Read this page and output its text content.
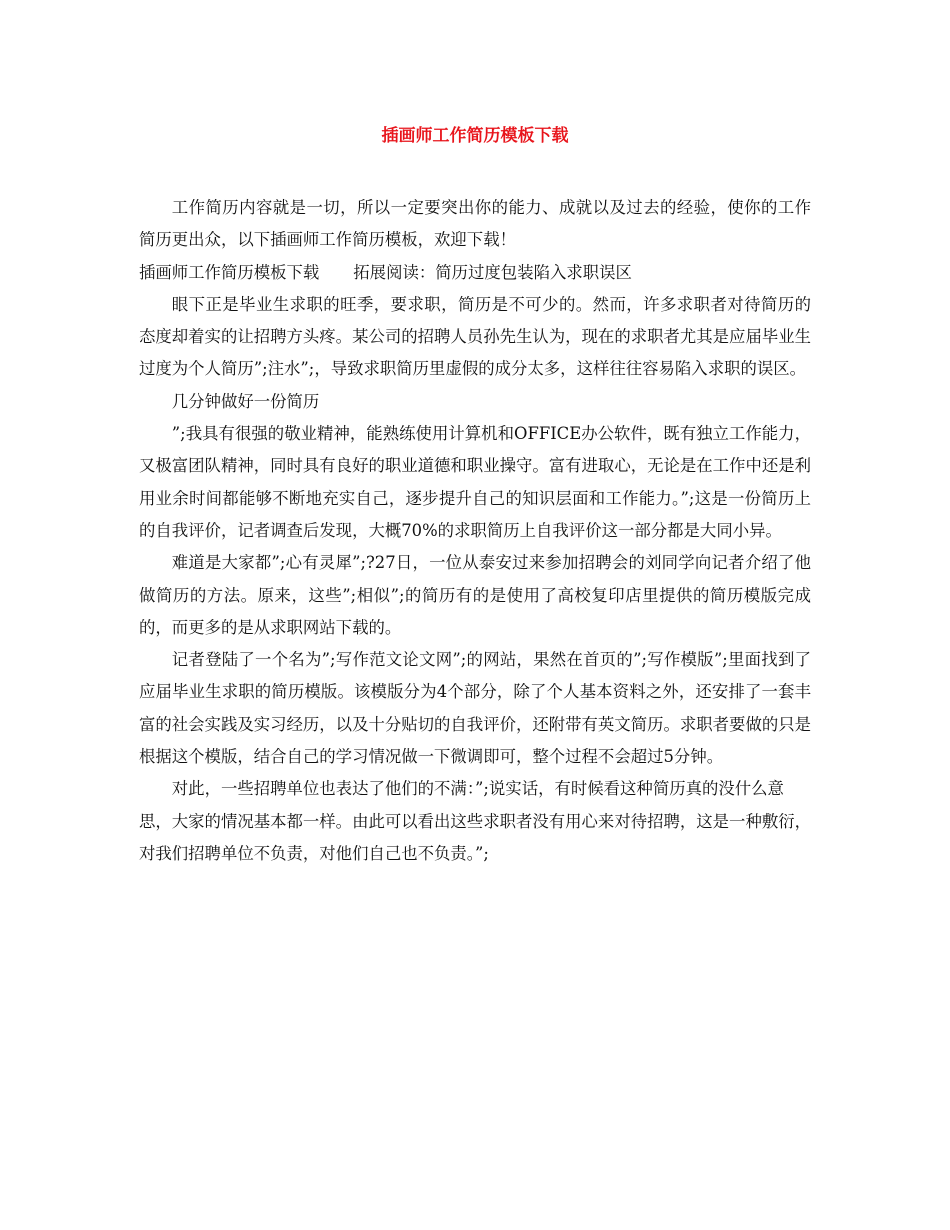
插画师工作简历模板下载

工作简历内容就是一切，所以一定要突出你的能力、成就以及过去的经验，使你的工作简历更出众，以下插画师工作简历模板，欢迎下载！

插画师工作简历模板下载 拓展阅读：简历过度包装陷入求职误区

眼下正是毕业生求职的旺季，要求职，简历是不可少的。然而，许多求职者对待简历的态度却着实的让招聘方头疼。某公司的招聘人员孙先生认为，现在的求职者尤其是应届毕业生过度为个人简历”;注水”;，导致求职简历里虚假的成分太多，这样往往容易陷入求职的误区。

几分钟做好一份简历

”;我具有很强的敬业精神，能熟练使用计算机和OFFICE办公软件，既有独立工作能力，又极富团队精神，同时具有良好的职业道德和职业操守。富有进取心，无论是在工作中还是利用业余时间都能够不断地充实自己，逐步提升自己的知识层面和工作能力。”;这是一份简历上的自我评价，记者调查后发现，大概70%的求职简历上自我评价这一部分都是大同小异。

难道是大家都”;心有灵犀”;?27日，一位从泰安过来参加招聘会的刘同学向记者介绍了他做简历的方法。原来，这些”;相似”;的简历有的是使用了高校复印店里提供的简历模版完成的，而更多的是从求职网站下载的。

记者登陆了一个名为”;写作范文论文网”;的网站，果然在首页的”;写作模版”;里面找到了应届毕业生求职的简历模版。该模版分为4个部分，除了个人基本资料之外，还安排了一套丰富的社会实践及实习经历，以及十分贴切的自我评价，还附带有英文简历。求职者要做的只是根据这个模版，结合自己的学习情况做一下微调即可，整个过程不会超过5分钟。

对此，一些招聘单位也表达了他们的不满：”;说实话，有时候看这种简历真的没什么意思，大家的情况基本都一样。由此可以看出这些求职者没有用心来对待招聘，这是一种敷衍，对我们招聘单位不负责，对他们自己也不负责。”;
